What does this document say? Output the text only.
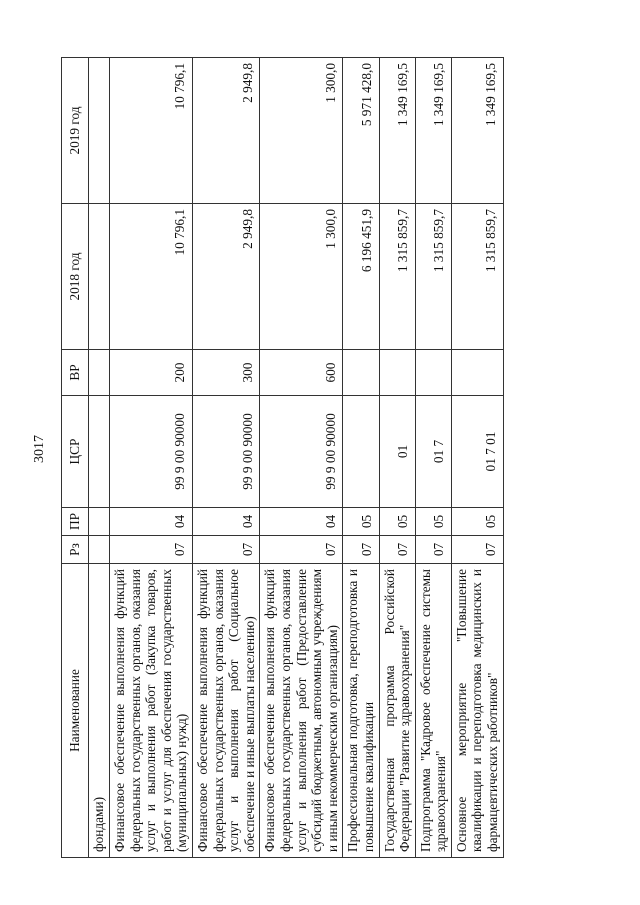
3017
Наименование	Рз	ПР	ЦСР	ВР	2018 год	2019 год
фондами)						
Финансовое обеспечение выполнения функций федеральных государственных органов, оказания услуг и выполнения работ (Закупка товаров, работ и услуг для обеспечения государственных (муниципальных) нужд)	07	04	99 9 00 90000	200	10 796,1	10 796,1
Финансовое обеспечение выполнения функций федеральных государственных органов, оказания услуг и выполнения работ (Социальное обеспечение и иные выплаты населению)	07	04	99 9 00 90000	300	2 949,8	2 949,8
Финансовое обеспечение выполнения функций федеральных государственных органов, оказания услуг и выполнения работ (Предоставление субсидий бюджетным, автономным учреждениям и иным некоммерческим организациям)	07	04	99 9 00 90000	600	1 300,0	1 300,0
Профессиональная подготовка, переподготовка и повышение квалификации	07	05			6 196 451,9	5 971 428,0
Государственная программа Российской Федерации "Развитие здравоохранения"	07	05	01		1 315 859,7	1 349 169,5
Подпрограмма "Кадровое обеспечение системы здравоохранения"	07	05	01 7		1 315 859,7	1 349 169,5
Основное мероприятие "Повышение квалификации и переподготовка медицинских и фармацевтических работников"	07	05	01 7 01		1 315 859,7	1 349 169,5
